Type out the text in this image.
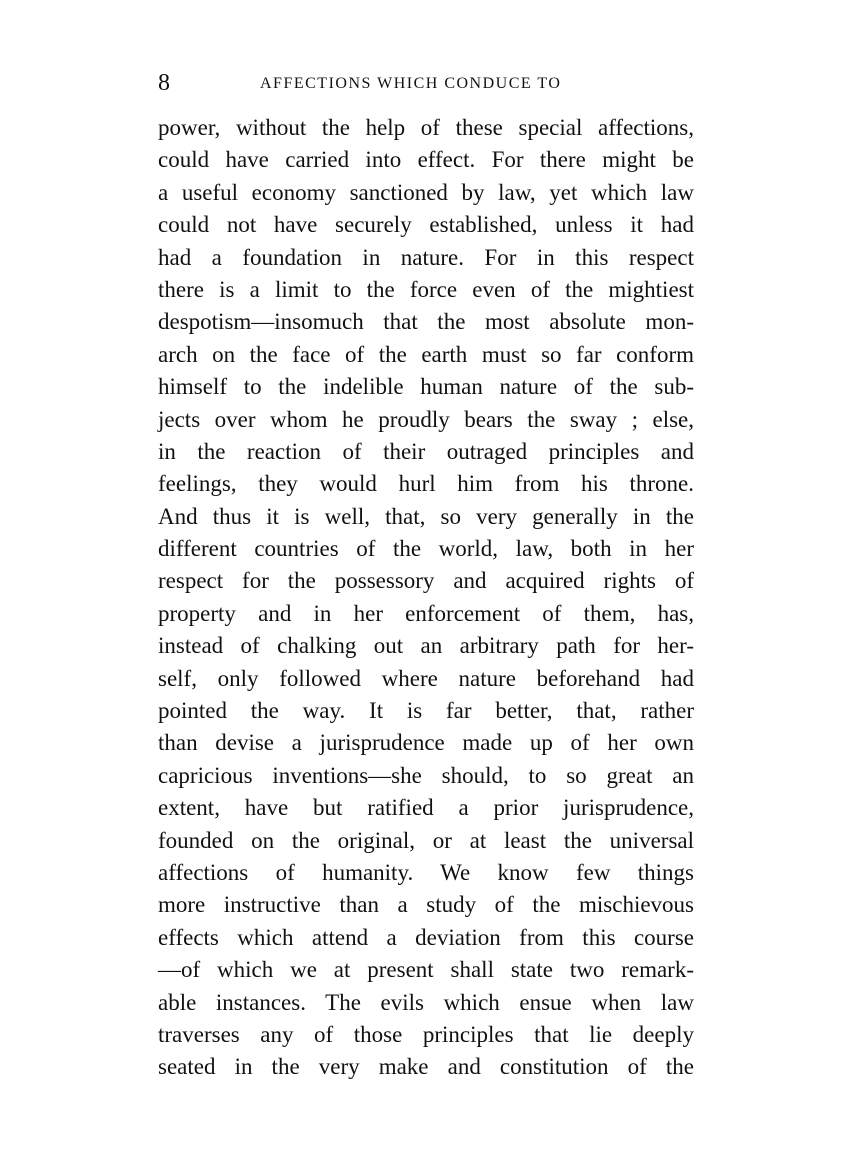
8	AFFECTIONS WHICH CONDUCE TO
power, without the help of these special affections,
could have carried into effect. For there might be
a useful economy sanctioned by law, yet which law
could not have securely established, unless it had
had a foundation in nature. For in this respect
there is a limit to the force even of the mightiest
despotism—insomuch that the most absolute mon-
arch on the face of the earth must so far conform
himself to the indelible human nature of the sub-
jects over whom he proudly bears the sway ; else,
in the reaction of their outraged principles and
feelings, they would hurl him from his throne.
And thus it is well, that, so very generally in the
different countries of the world, law, both in her
respect for the possessory and acquired rights of
property and in her enforcement of them, has,
instead of chalking out an arbitrary path for her-
self, only followed where nature beforehand had
pointed the way. It is far better, that, rather
than devise a jurisprudence made up of her own
capricious inventions—she should, to so great an
extent, have but ratified a prior jurisprudence,
founded on the original, or at least the universal
affections of humanity. We know few things
more instructive than a study of the mischievous
effects which attend a deviation from this course
—of which we at present shall state two remark-
able instances. The evils which ensue when law
traverses any of those principles that lie deeply
seated in the very make and constitution of the
